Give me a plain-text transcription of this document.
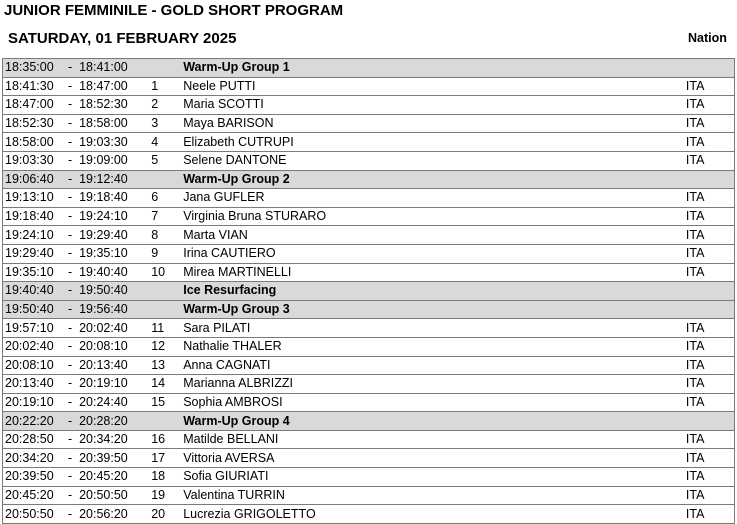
JUNIOR FEMMINILE - GOLD SHORT PROGRAM
SATURDAY, 01 FEBRUARY 2025	Nation
18:35:00	-	18:41:00		Warm-Up Group 1	
18:41:30	-	18:47:00	1	Neele PUTTI	ITA
18:47:00	-	18:52:30	2	Maria SCOTTI	ITA
18:52:30	-	18:58:00	3	Maya BARISON	ITA
18:58:00	-	19:03:30	4	Elizabeth CUTRUPI	ITA
19:03:30	-	19:09:00	5	Selene DANTONE	ITA
19:06:40	-	19:12:40		Warm-Up Group 2	
19:13:10	-	19:18:40	6	Jana GUFLER	ITA
19:18:40	-	19:24:10	7	Virginia Bruna STURARO	ITA
19:24:10	-	19:29:40	8	Marta VIAN	ITA
19:29:40	-	19:35:10	9	Irina CAUTIERO	ITA
19:35:10	-	19:40:40	10	Mirea MARTINELLI	ITA
19:40:40	-	19:50:40		Ice Resurfacing	
19:50:40	-	19:56:40		Warm-Up Group 3	
19:57:10	-	20:02:40	11	Sara PILATI	ITA
20:02:40	-	20:08:10	12	Nathalie THALER	ITA
20:08:10	-	20:13:40	13	Anna CAGNATI	ITA
20:13:40	-	20:19:10	14	Marianna ALBRIZZI	ITA
20:19:10	-	20:24:40	15	Sophia AMBROSI	ITA
20:22:20	-	20:28:20		Warm-Up Group 4	
20:28:50	-	20:34:20	16	Matilde BELLANI	ITA
20:34:20	-	20:39:50	17	Vittoria AVERSA	ITA
20:39:50	-	20:45:20	18	Sofia GIURIATI	ITA
20:45:20	-	20:50:50	19	Valentina TURRIN	ITA
20:50:50	-	20:56:20	20	Lucrezia GRIGOLETTO	ITA
